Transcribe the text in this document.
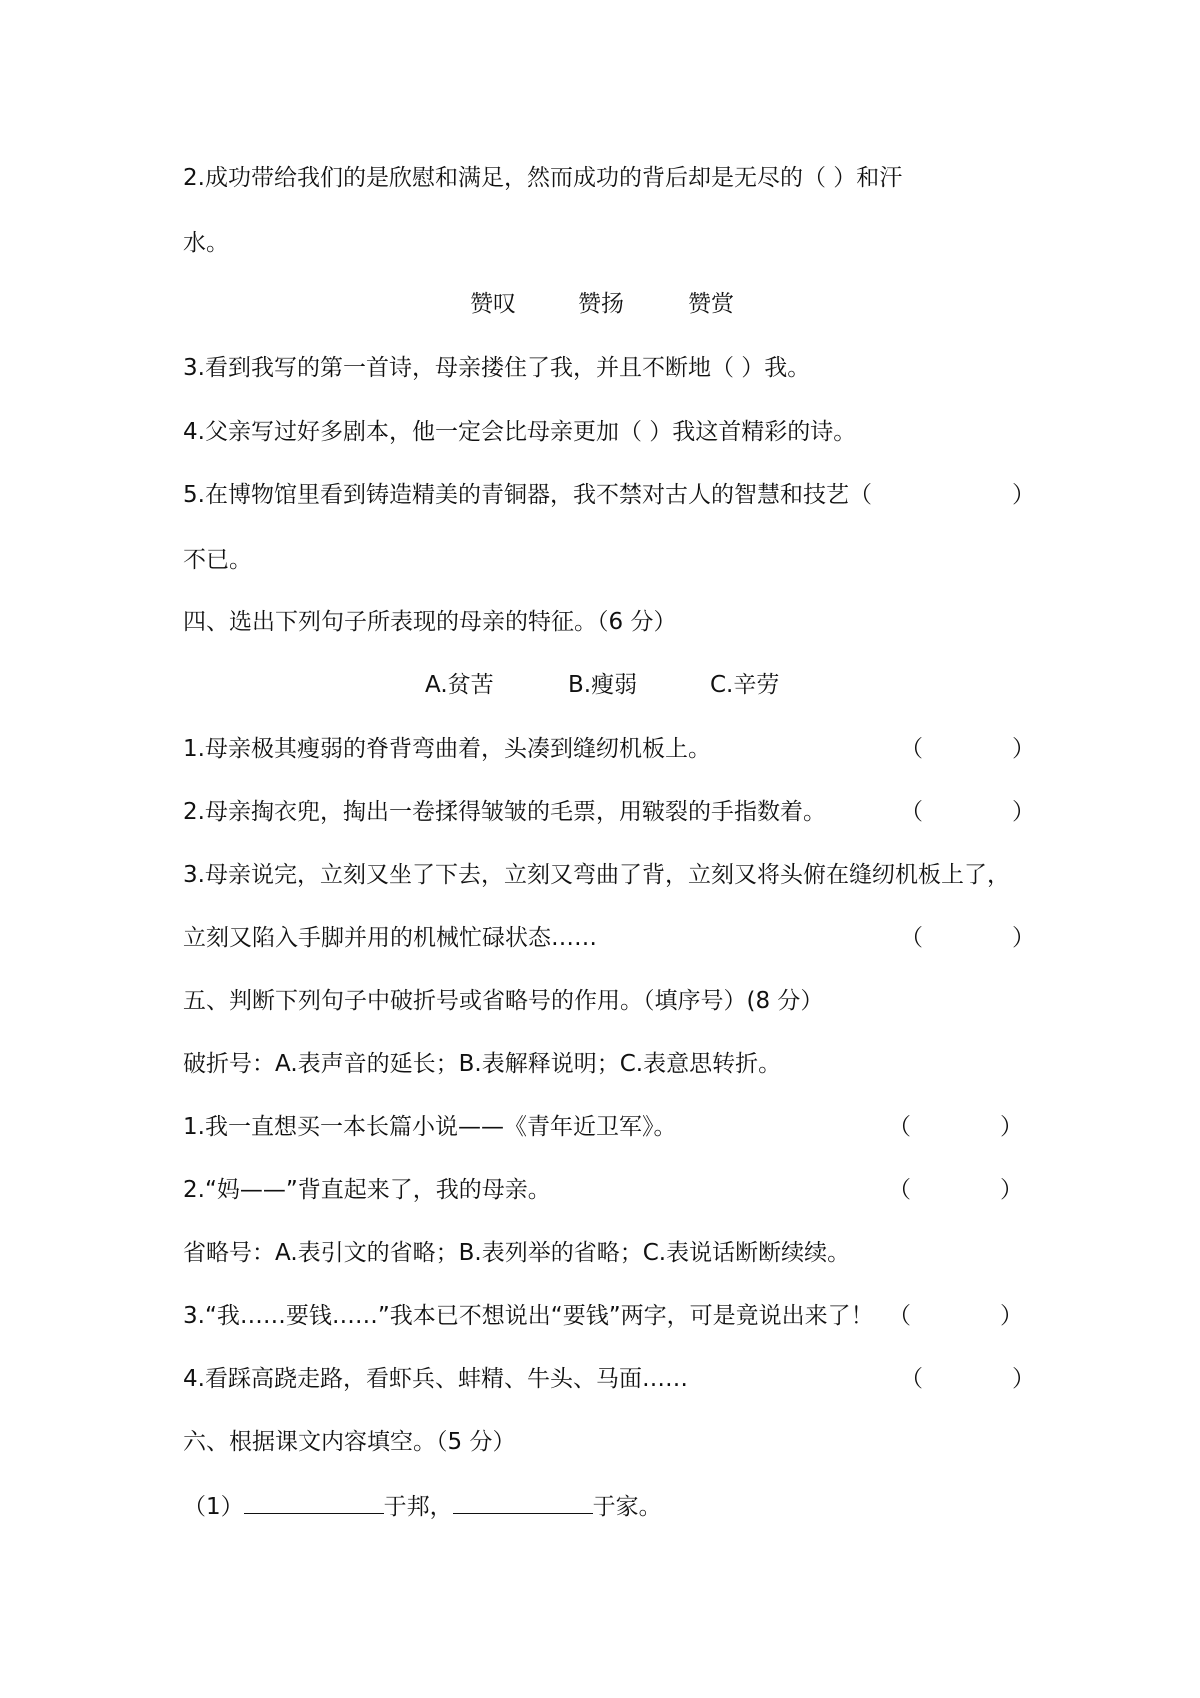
2.成功带给我们的是欣慰和满足，然而成功的背后却是无尽的（ ）和汗
水。
赞叹	赞扬	赞赏
3.看到我写的第一首诗，母亲搂住了我，并且不断地（ ）我。
4.父亲写过好多剧本，他一定会比母亲更加（ ）我这首精彩的诗。
5.在博物馆里看到铸造精美的青铜器，我不禁对古人的智慧和技艺（	）
不已。
四、选出下列句子所表现的母亲的特征。（6 分）
A.贫苦	B.瘦弱	C.辛劳
1.母亲极其瘦弱的脊背弯曲着，头凑到缝纫机板上。	（	）
2.母亲掏衣兜，掏出一卷揉得皱皱的毛票，用皲裂的手指数着。	（	）
3.母亲说完，立刻又坐了下去，立刻又弯曲了背，立刻又将头俯在缝纫机板上了，
立刻又陷入手脚并用的机械忙碌状态……	（	）
五、判断下列句子中破折号或省略号的作用。（填序号）(8 分）
破折号：A.表声音的延长；B.表解释说明；C.表意思转折。
1.我一直想买一本长篇小说——《青年近卫军》。	（	）
2.“妈——”背直起来了，我的母亲。	（	）
省略号：A.表引文的省略；B.表列举的省略；C.表说话断断续续。
3.“我……要钱……”我本已不想说出“要钱”两字，可是竟说出来了！ （	）
4.看踩高跷走路，看虾兵、蚌精、牛头、马面……	（	）
六、根据课文内容填空。（5 分）
（1）	于邦，	于家。
